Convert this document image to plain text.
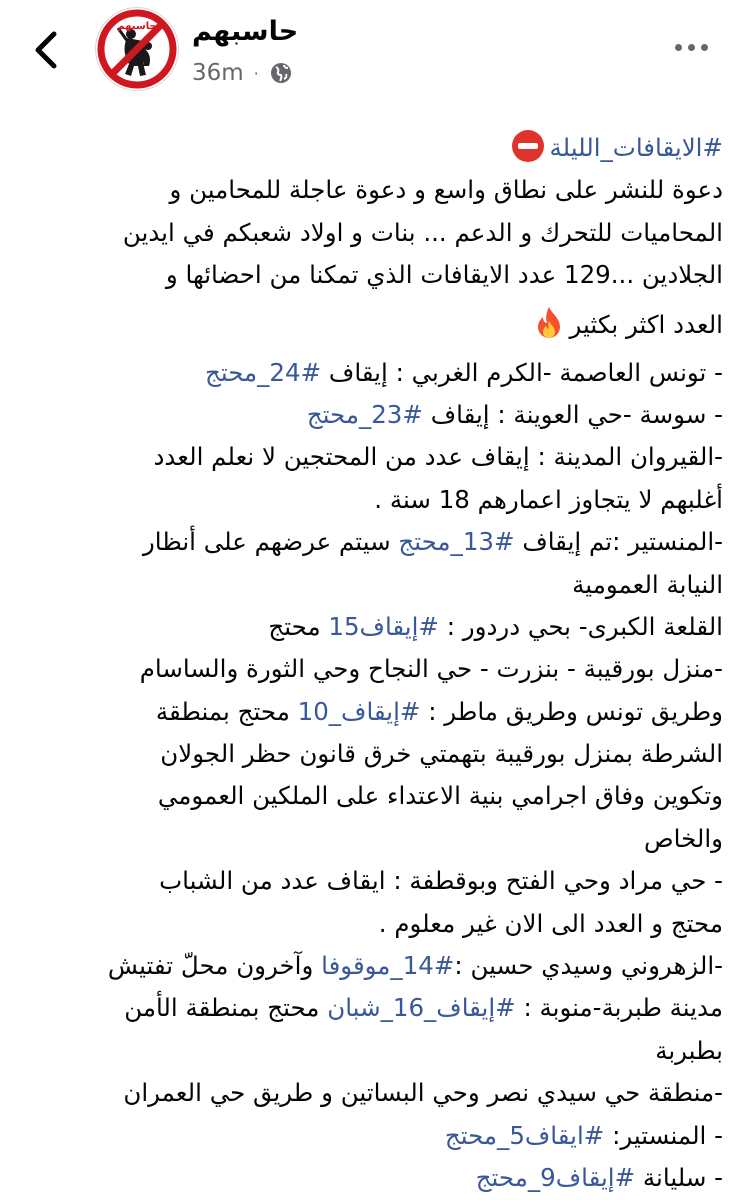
حاسبهم حاسبهم
36m ·
#الايقافات_الليلة
دعوة للنشر على نطاق واسع و دعوة عاجلة للمحامين و
المحاميات للتحرك و الدعم ... بنات و اولاد شعبكم في ايدين
الجلادين ...129 عدد الايقافات الذي تمكنا من احضائها و
العدد اكثر بكثير
- تونس العاصمة -الكرم الغربي : إيقاف #24_محتج
- سوسة -حي العوينة : إيقاف #23_محتج
-القيروان المدينة : إيقاف عدد من المحتجين لا نعلم العدد
أغلبهم لا يتجاوز اعمارهم 18 سنة .
-المنستير :تم إيقاف #13_محتج سيتم عرضهم على أنظار
النيابة العمومية
القلعة الكبرى- بحي دردور : #إيقاف15 محتج
-منزل بورقيبة - بنزرت - حي النجاح وحي الثورة والساسام
وطريق تونس وطريق ماطر : #إيقاف_10 محتج بمنطقة
الشرطة بمنزل بورقيبة بتهمتي خرق قانون حظر الجولان
وتكوين وفاق اجرامي بنية الاعتداء على الملكين العمومي
والخاص
- حي مراد وحي الفتح وبوقطفة : ايقاف عدد من الشباب
محتج و العدد الى الان غير معلوم .
-الزهروني وسيدي حسين :#14_موقوفا وآخرون محلّ تفتيش
مدينة طبربة-منوبة : #إيقاف_16_شبان محتج بمنطقة الأمن
بطبربة
-منطقة حي سيدي نصر وحي البساتين و طريق حي العمران
- المنستير: #ايقاف5_محتج
- سليانة #إيقاف9_محتج
